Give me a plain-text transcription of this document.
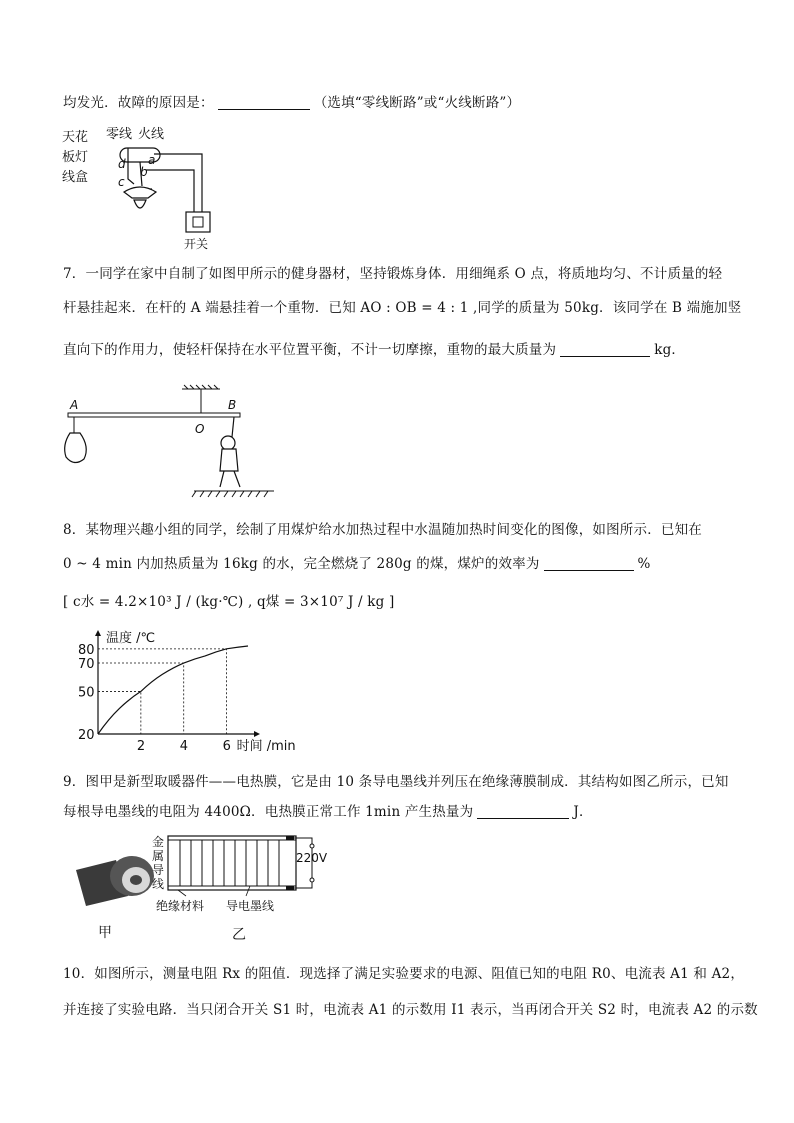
均发光．故障的原因是：	（选填“零线断路”或“火线断路”）
天花
板灯
线盒
零线 火线
a
b
c
d
开关
7．一同学在家中自制了如图甲所示的健身器材，坚持锻炼身体．用细绳系 O 点，将质地均匀、不计质量的轻
杆悬挂起来．在杆的 A 端悬挂着一个重物．已知 AO : OB = 4 : 1 ,同学的质量为 50kg．该同学在 B 端施加竖
直向下的作用力，使轻杆保持在水平位置平衡，不计一切摩擦，重物的最大质量为	kg．
A	B
O
8．某物理兴趣小组的同学，绘制了用煤炉给水加热过程中水温随加热时间变化的图像，如图所示．已知在
0 ~ 4 min 内加热质量为 16kg 的水，完全燃烧了 280g 的煤，煤炉的效率为	%
[ c水 = 4.2×10³ J / (kg·℃) , q煤 = 3×10⁷ J / kg ]
2	4	6
20
50
70
80
温度 /℃
时间 /min
9．图甲是新型取暖器件——电热膜，它是由 10 条导电墨线并列压在绝缘薄膜制成．其结构如图乙所示，已知
每根导电墨线的电阻为 4400Ω．电热膜正常工作 1min 产生热量为	J．
金
属
导
线
220V
绝缘材料 导电墨线
甲	乙
10．如图所示，测量电阻 Rx 的阻值．现选择了满足实验要求的电源、阻值已知的电阻 R0、电流表 A1 和 A2，
并连接了实验电路．当只闭合开关 S1 时，电流表 A1 的示数用 I1 表示，当再闭合开关 S2 时，电流表 A2 的示数
